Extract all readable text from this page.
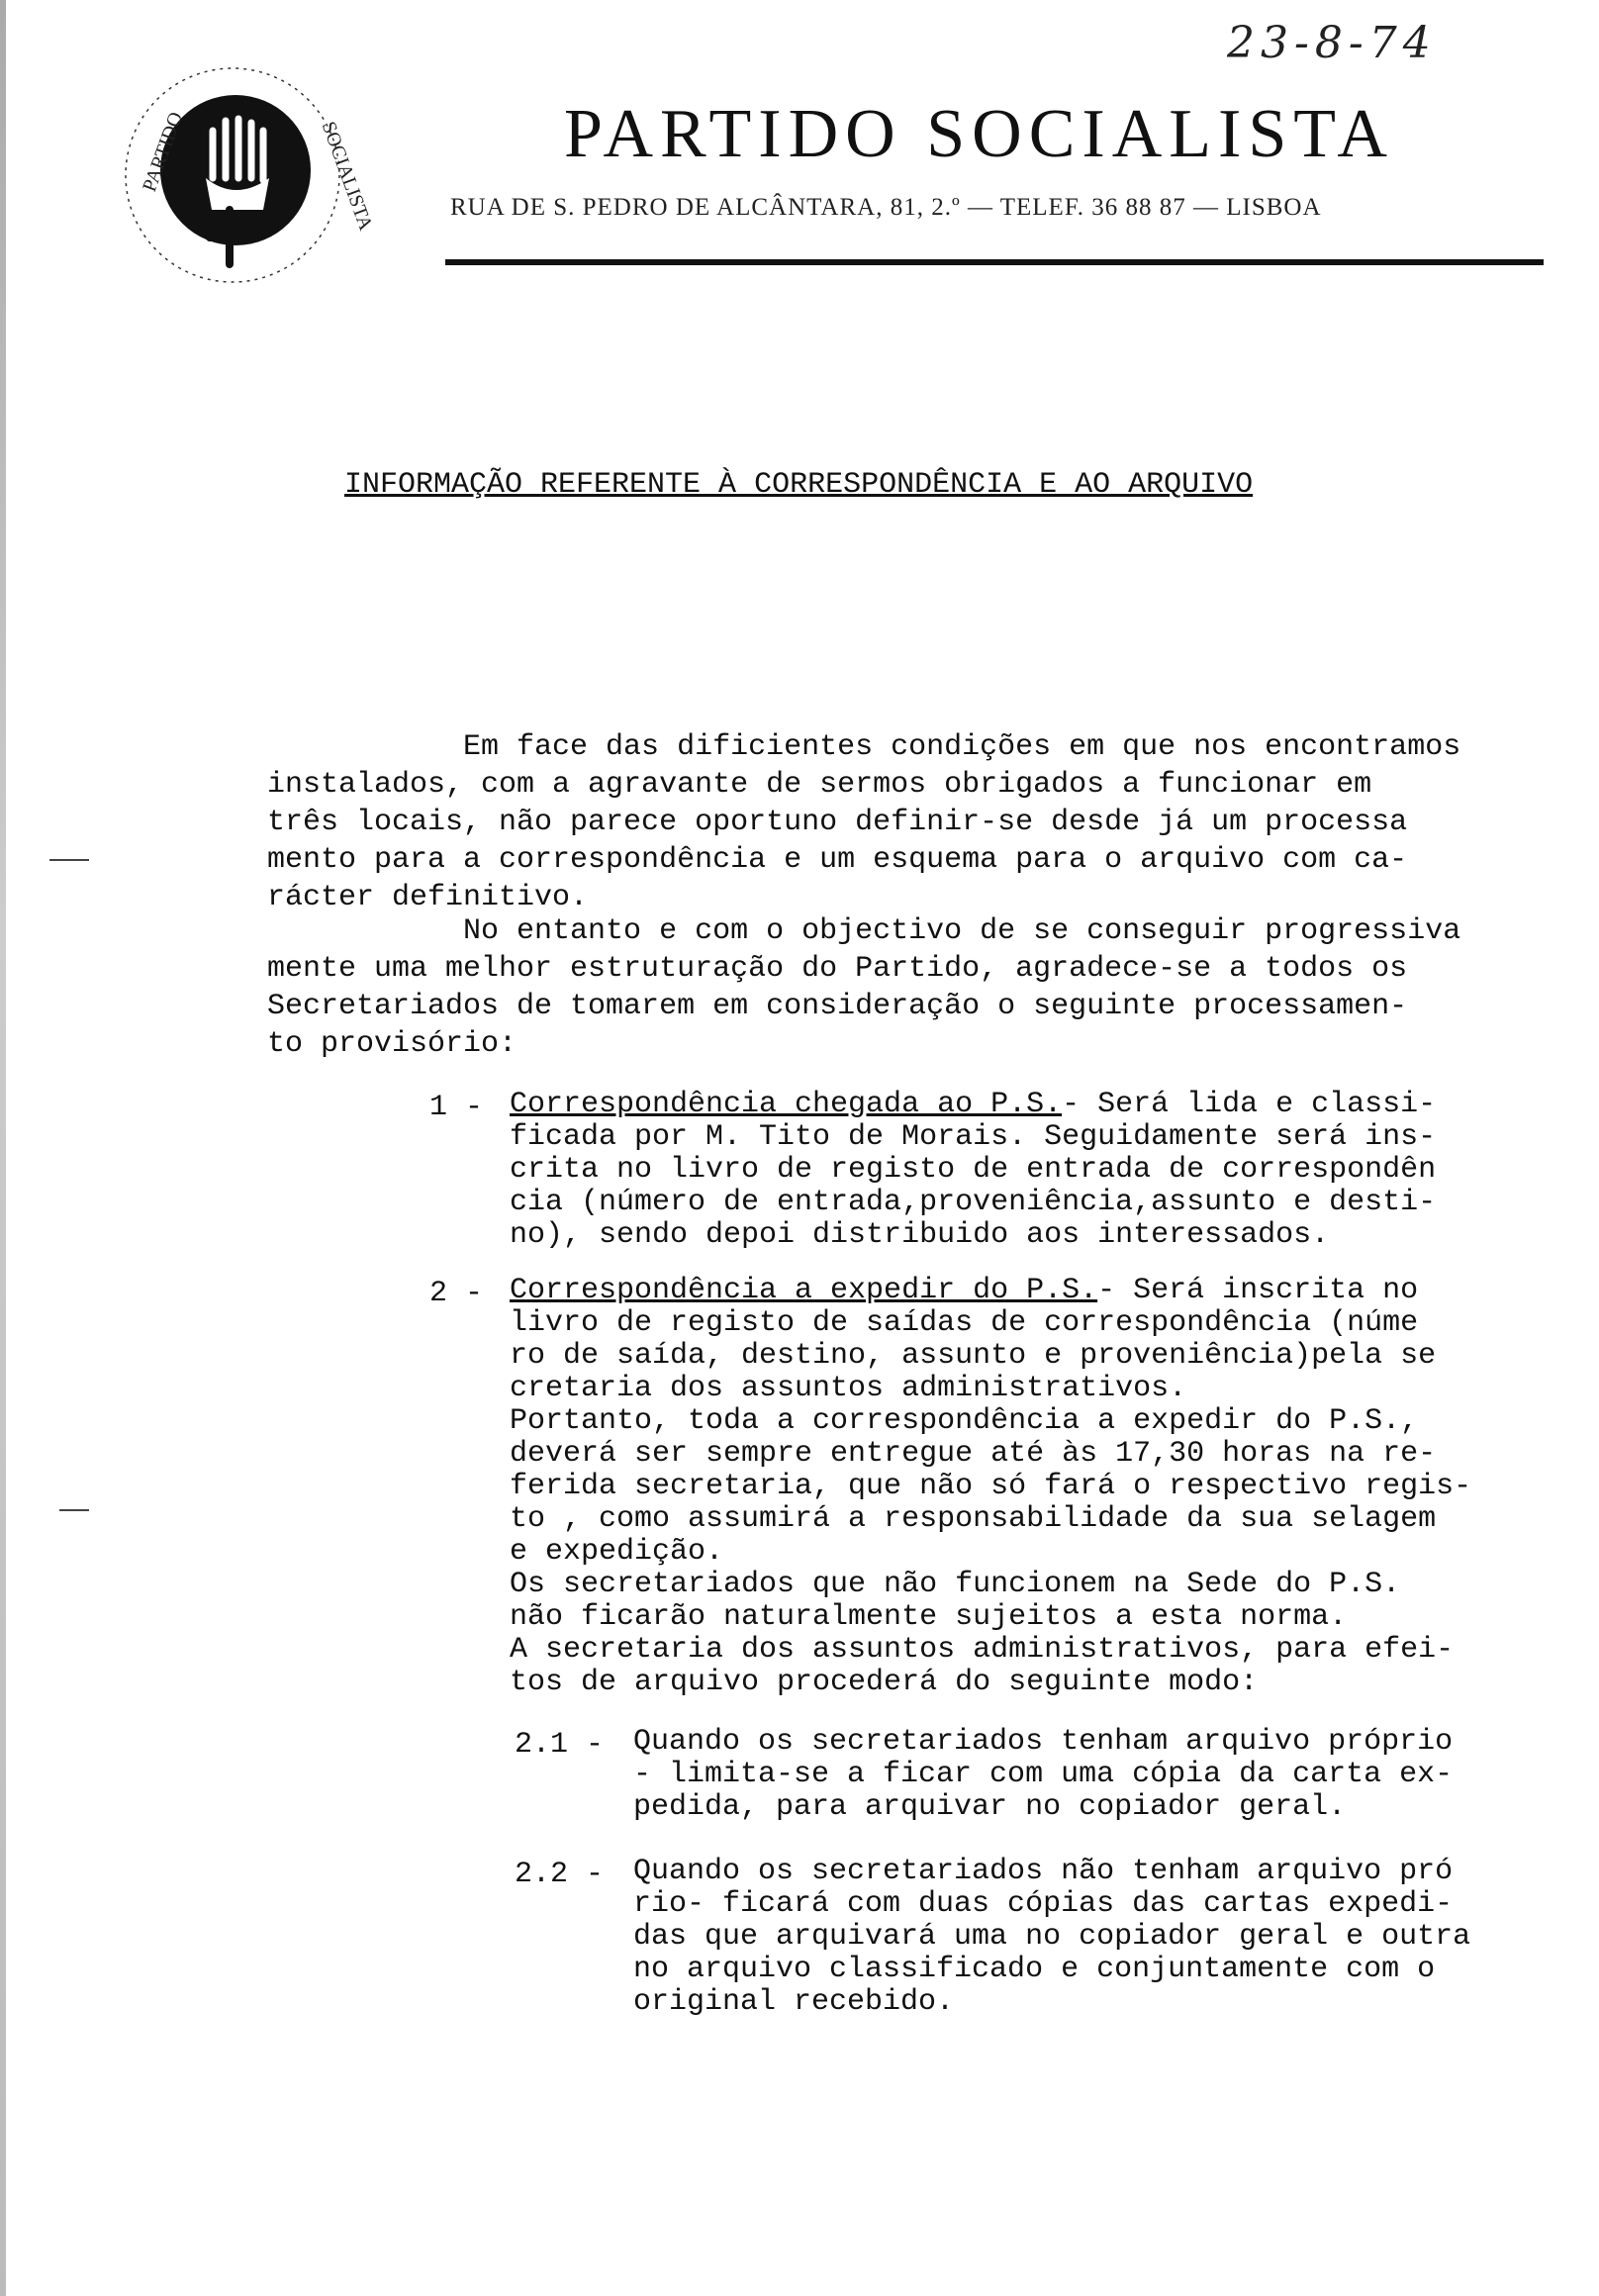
23-8-74
PARTIDO	SOCIALISTA	PARTIDO SOCIALISTA
RUA DE S. PEDRO DE ALCÂNTARA, 81, 2.º — TELEF. 36 88 87 — LISBOA
INFORMAÇÃO REFERENTE À CORRESPONDÊNCIA E AO ARQUIVO

Em face das dificientes condições em que nos encontramos
instalados, com a agravante de sermos obrigados a funcionar em
três locais, não parece oportuno definir-se desde já um processa
mento para a correspondência e um esquema para o arquivo com ca-
rácter definitivo.

No entanto e com o objectivo de se conseguir progressiva
mente uma melhor estruturação do Partido, agradece-se a todos os
Secretariados de tomarem em consideração o seguinte processamen-
to provisório:

1 - Correspondência chegada ao P.S.- Será lida e classi-

ficada por M. Tito de Morais. Seguidamente será ins-
crita no livro de registo de entrada de correspondên
cia (número de entrada,proveniência,assunto e desti-
no), sendo depoi distribuido aos interessados.

2 - Correspondência a expedir do P.S.- Será inscrita no

livro de registo de saídas de correspondência (núme
ro de saída, destino, assunto e proveniência)pela se
cretaria dos assuntos administrativos.
Portanto, toda a correspondência a expedir do P.S.,
deverá ser sempre entregue até às 17,30 horas na re-
ferida secretaria, que não só fará o respectivo regis-
to , como assumirá a responsabilidade da sua selagem
e expedição.
Os secretariados que não funcionem na Sede do P.S.
não ficarão naturalmente sujeitos a esta norma.
A secretaria dos assuntos administrativos, para efei-
tos de arquivo procederá do seguinte modo:

2.1 - Quando os secretariados tenham arquivo próprio
- limita-se a ficar com uma cópia da carta ex-
pedida, para arquivar no copiador geral.

2.2 - Quando os secretariados não tenham arquivo pró
rio- ficará com duas cópias das cartas expedi-
das que arquivará uma no copiador geral e outra
no arquivo classificado e conjuntamente com o
original recebido.
